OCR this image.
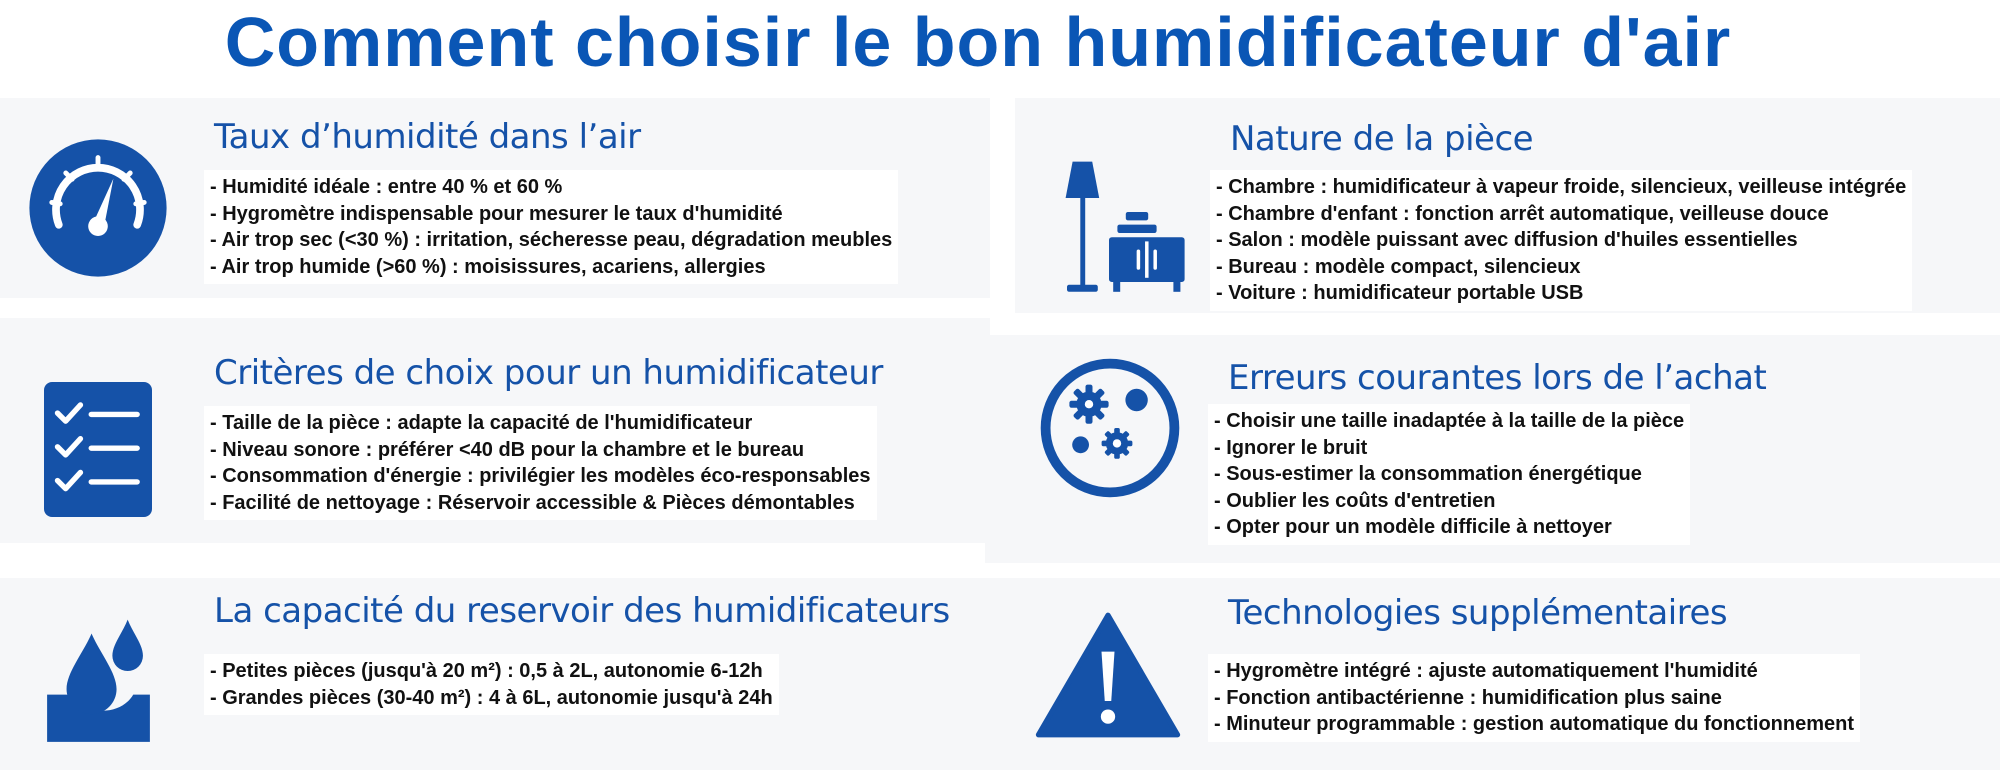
Comment choisir le bon humidificateur d'air
Taux d’humidité dans l’air
- Humidité idéale : entre 40 % et 60 %
- Hygromètre indispensable pour mesurer le taux d'humidité
- Air trop sec (<30 %) : irritation, sécheresse peau, dégradation meubles
- Air trop humide (>60 %) : moisissures, acariens, allergies
Nature de la pièce
- Chambre : humidificateur à vapeur froide, silencieux, veilleuse intégrée
- Chambre d'enfant : fonction arrêt automatique, veilleuse douce
- Salon : modèle puissant avec diffusion d'huiles essentielles
- Bureau : modèle compact, silencieux
- Voiture : humidificateur portable USB
Critères de choix pour un humidificateur
- Taille de la pièce : adapte la capacité de l'humidificateur
- Niveau sonore : préférer <40 dB pour la chambre et le bureau
- Consommation d'énergie : privilégier les modèles éco-responsables
- Facilité de nettoyage : Réservoir accessible & Pièces démontables
Erreurs courantes lors de l’achat
- Choisir une taille inadaptée à la taille de la pièce
- Ignorer le bruit
- Sous-estimer la consommation énergétique
- Oublier les coûts d'entretien
- Opter pour un modèle difficile à nettoyer
La capacité du reservoir des humidificateurs
- Petites pièces (jusqu'à 20 m²) : 0,5 à 2L, autonomie 6-12h
- Grandes pièces (30-40 m²) : 4 à 6L, autonomie jusqu'à 24h
Technologies supplémentaires
- Hygromètre intégré : ajuste automatiquement l'humidité
- Fonction antibactérienne : humidification plus saine
- Minuteur programmable : gestion automatique du fonctionnement
